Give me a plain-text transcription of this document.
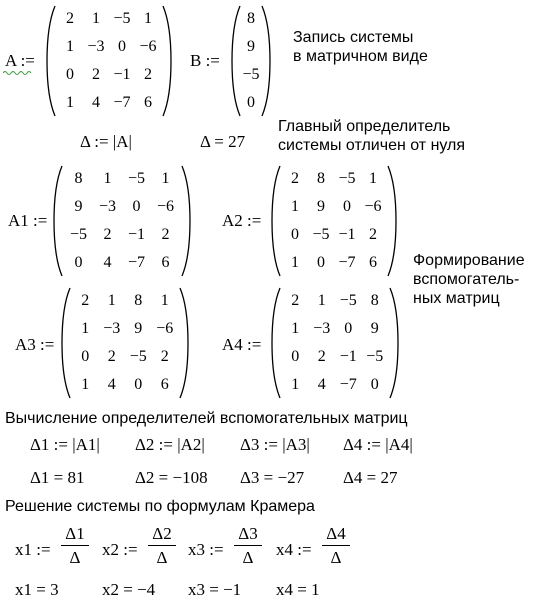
A :=
2	1 −5 1
1 −3 0 −6
0	2 −1 2
1	4 −7 6
B :=
8
9
−5
0
Запись системы
в матричном виде
Δ := |A|	Δ = 27
Главный определитель
системы отличен от нуля
A1 :=
8	1	−5	1
9	−3	0	−6
−5	2	−1	2
0	4	−7	6
A2 :=
2	8 −5 1
1	9	0 −6
0 −5 −1 2
1	0 −7 6	Формирование
вспомогатель-
ных матриц
A3 :=
2	1	8	1
1 −3 9 −6
0	2 −5 2
1	4	0	6
A4 :=
2	1 −5 8
1 −3 0	9
0	2 −1 −5
1	4 −7 0
Вычисление определителей вспомогательных матриц
Δ1 := |A1| Δ2 := |A2| Δ3 := |A3| Δ4 := |A4|
Δ1 = 81	Δ2 = −108 Δ3 = −27 Δ4 = 27
Решение системы по формулам Крамера
x1 :=
Δ1
Δ	x2 :=
Δ2
Δ	x3 :=
Δ3
Δ	x4 :=
Δ4
Δ
x1 = 3	x2 = −4 x3 = −1 x4 = 1
